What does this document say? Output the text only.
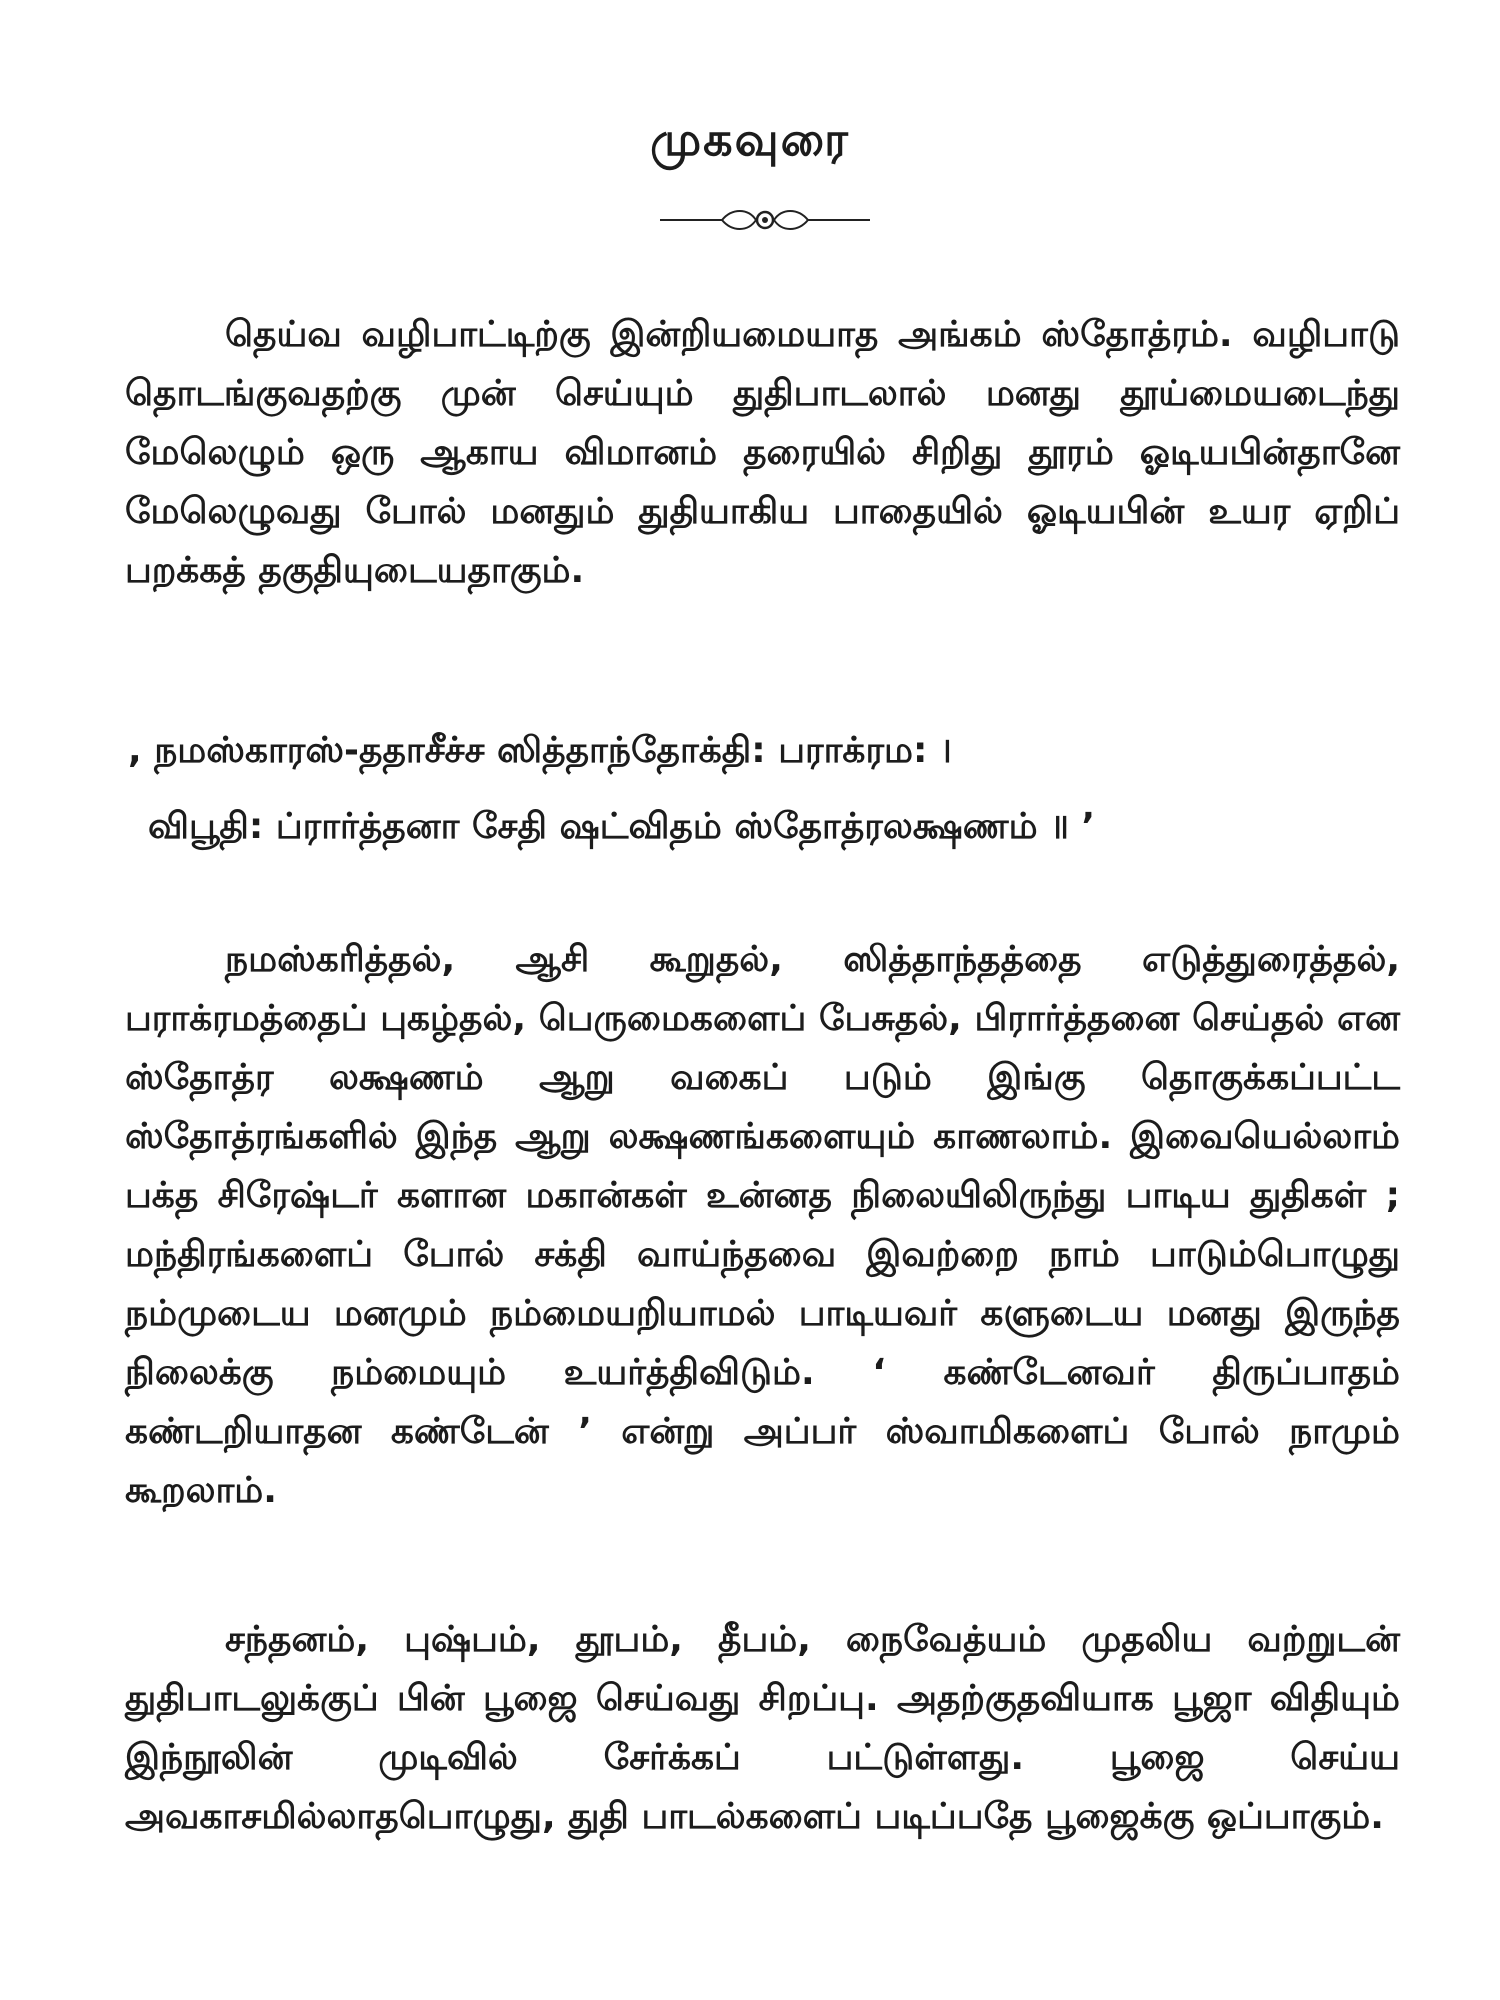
முகவுரை

தெய்வ வழிபாட்டிற்கு இன்றியமையாத அங்கம் ஸ்தோத்ரம். வழிபாடு தொடங்குவதற்கு முன் செய்யும் துதிபாடலால் மனது தூய்மையடைந்து மேலெழும் ஒரு ஆகாய விமானம் தரையில் சிறிது தூரம் ஓடியபின்தானே மேலெழுவது போல் மனதும் துதியாகிய பாதையில் ஓடியபின் உயர ஏறிப் பறக்கத் தகுதியுடையதாகும்.

, நமஸ்காரஸ்-ததாசீச்ச ஸித்தாந்தோக்தி: பராக்ரம: ।
விபூதி: ப்ரார்த்தனா சேதி ஷட்விதம் ஸ்தோத்ரலக்ஷணம் ॥ ’

நமஸ்கரித்தல், ஆசி கூறுதல், ஸித்தாந்தத்தை எடுத்துரைத்தல், பராக்ரமத்தைப் புகழ்தல், பெருமைகளைப் பேசுதல், பிரார்த்தனை செய்தல் என ஸ்தோத்ர லக்ஷணம் ஆறு வகைப் படும் இங்கு தொகுக்கப்பட்ட ஸ்தோத்ரங்களில் இந்த ஆறு லக்ஷணங்களையும் காணலாம். இவையெல்லாம் பக்த சிரேஷ்டர் களான மகான்கள் உன்னத நிலையிலிருந்து பாடிய துதிகள் ; மந்திரங்களைப் போல் சக்தி வாய்ந்தவை இவற்றை நாம் பாடும்பொழுது நம்முடைய மனமும் நம்மையறியாமல் பாடியவர் களுடைய மனது இருந்த நிலைக்கு நம்மையும் உயர்த்திவிடும். ‘ கண்டேனவர் திருப்பாதம் கண்டறியாதன கண்டேன் ’ என்று அப்பர் ஸ்வாமிகளைப் போல் நாமும் கூறலாம்.

சந்தனம், புஷ்பம், தூபம், தீபம், நைவேத்யம் முதலிய வற்றுடன் துதிபாடலுக்குப் பின் பூஜை செய்வது சிறப்பு. அதற்குதவியாக பூஜா விதியும் இந்நூலின் முடிவில் சேர்க்கப் பட்டுள்ளது. பூஜை செய்ய அவகாசமில்லாதபொழுது, துதி பாடல்களைப் படிப்பதே பூஜைக்கு ஒப்பாகும்.
